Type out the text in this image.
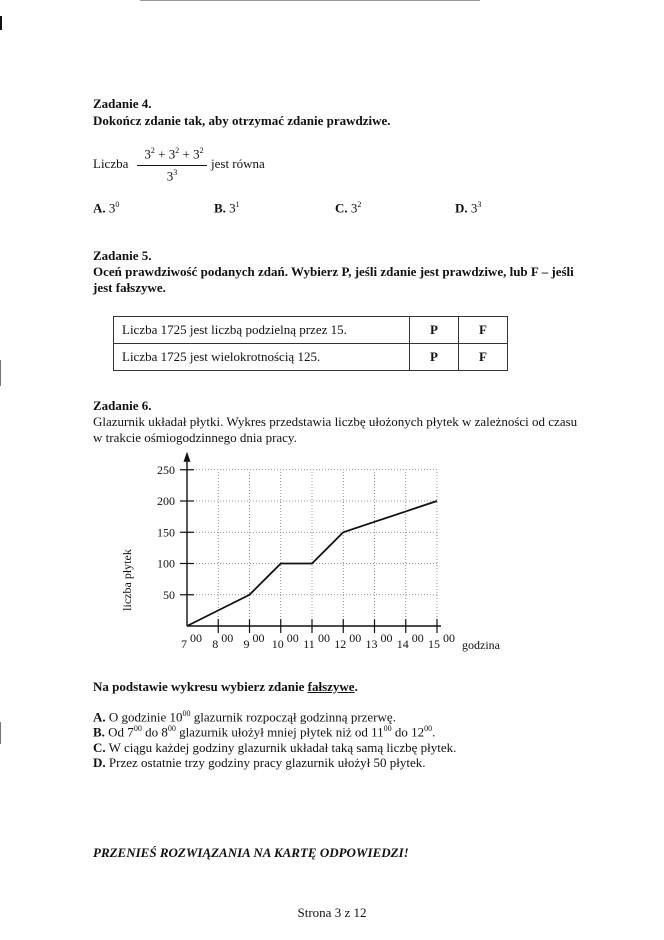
Zadanie 4.
Dokończ zdanie tak, aby otrzymać zdanie prawdziwe.
Liczba
$3^2 + 3^2 + 3^2$
$3^3$
jest równa
A. $3^0$	B. $3^1$	C. $3^2$	D. $3^3$
Zadanie 5.
Oceń prawdziwość podanych zdań. Wybierz P, jeśli zdanie jest prawdziwe, lub F – jeśli
jest fałszywe.
Liczba 1725 jest liczbą podzielną przez 15.	P	F
Liczba 1725 jest wielokrotnością 125.	P	F
Zadanie 6.
Glazurnik układał płytki. Wykres przedstawia liczbę ułożonych płytek w zależności od czasu
w trakcie ośmiogodzinnego dnia pracy.
50
100
150
200
250
7 00 8 00 9 00 10 00 11 00 12 00 13 00 14 00 15 00
liczba płytek
godzina
Na podstawie wykresu wybierz zdanie fałszywe.
A. O godzinie $10^{00}$ glazurnik rozpoczął godzinną przerwę.
B. Od $7^{00}$ do $8^{00}$ glazurnik ułożył mniej płytek niż od $11^{00}$ do $12^{00}$.
C. W ciągu każdej godziny glazurnik układał taką samą liczbę płytek.
D. Przez ostatnie trzy godziny pracy glazurnik ułożył 50 płytek.
PRZENIEŚ ROZWIĄZANIA NA KARTĘ ODPOWIEDZI!
Strona 3 z 12
